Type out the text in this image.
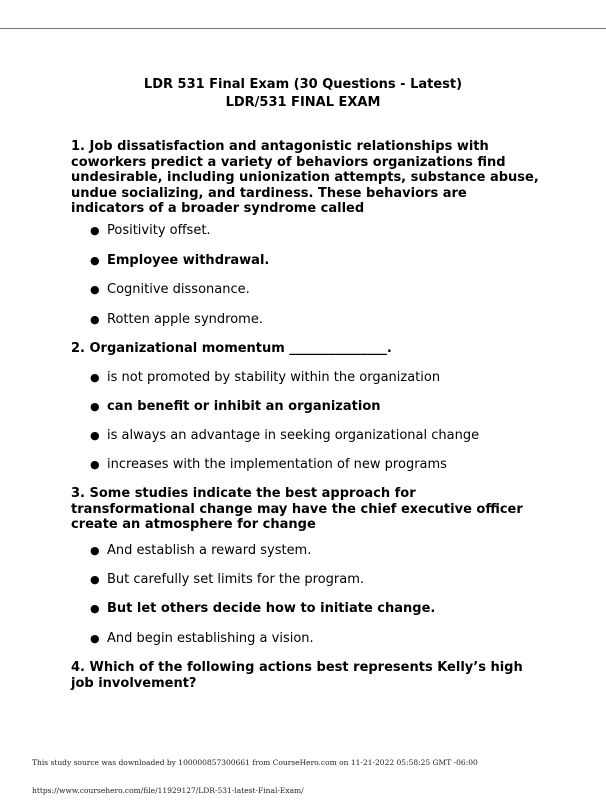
LDR 531 Final Exam (30 Questions - Latest)
LDR/531 FINAL EXAM

1. Job dissatisfaction and antagonistic relationships with coworkers predict a variety of behaviors organizations find undesirable, including unionization attempts, substance abuse, undue socializing, and tardiness. These behaviors are indicators of a broader syndrome called

● Positivity offset.
● Employee withdrawal.
● Cognitive dissonance.
● Rotten apple syndrome.

2. Organizational momentum _______________.

● is not promoted by stability within the organization
● can benefit or inhibit an organization
● is always an advantage in seeking organizational change
● increases with the implementation of new programs

3. Some studies indicate the best approach for transformational change may have the chief executive officer create an atmosphere for change

● And establish a reward system.
● But carefully set limits for the program.
● But let others decide how to initiate change.
● And begin establishing a vision.

4. Which of the following actions best represents Kelly’s high job involvement?

This study source was downloaded by 100000857300661 from CourseHero.com on 11-21-2022 05:58:25 GMT -06:00

https://www.coursehero.com/file/11929127/LDR-531-latest-Final-Exam/
